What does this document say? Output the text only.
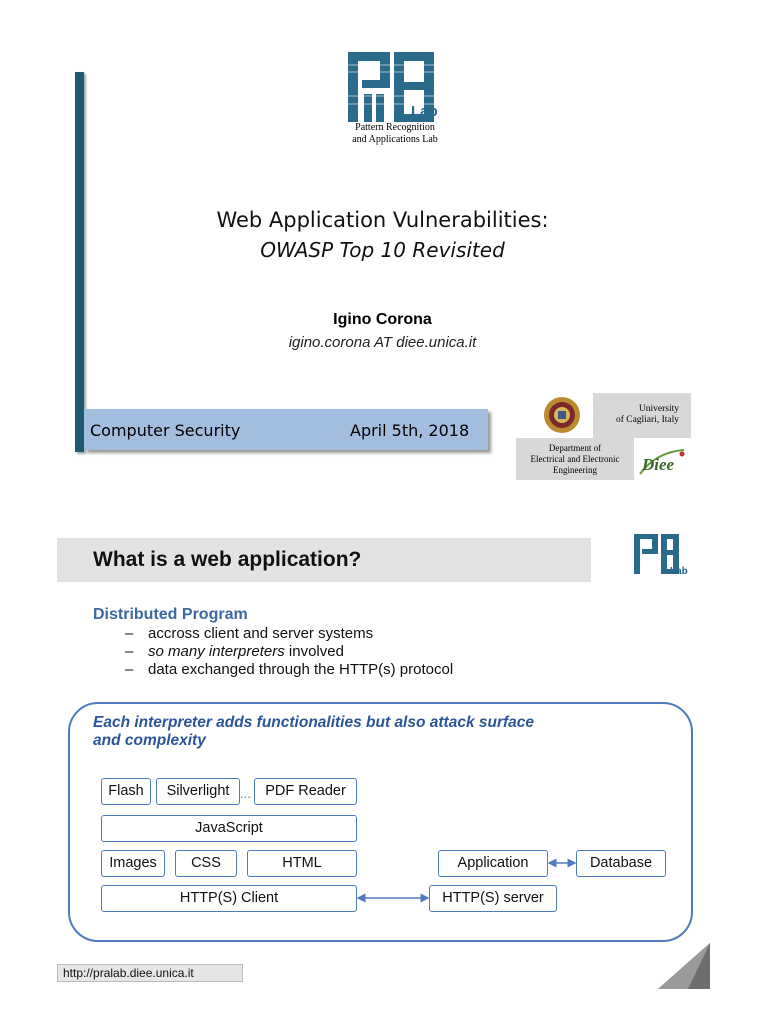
Lab
Pattern Recognition
and Applications Lab
Web Application Vulnerabilities:
OWASP Top 10 Revisited
Igino Corona
igino.corona AT diee.unica.it
Computer Security	April 5th, 2018
University
of Cagliari, Italy
Department of
Electrical and Electronic
Engineering	Diee
What is a web application?
Lab
Distributed Program
– accross client and server systems
– so many interpreters involved
– data exchanged through the HTTP(s) protocol
Each interpreter adds functionalities but also attack surface
and complexity
Flash	Silverlight ... PDF Reader
JavaScript
Images	CSS	HTML
HTTP(S) Client
Application	Database
HTTP(S) server
http://pralab.diee.unica.it
